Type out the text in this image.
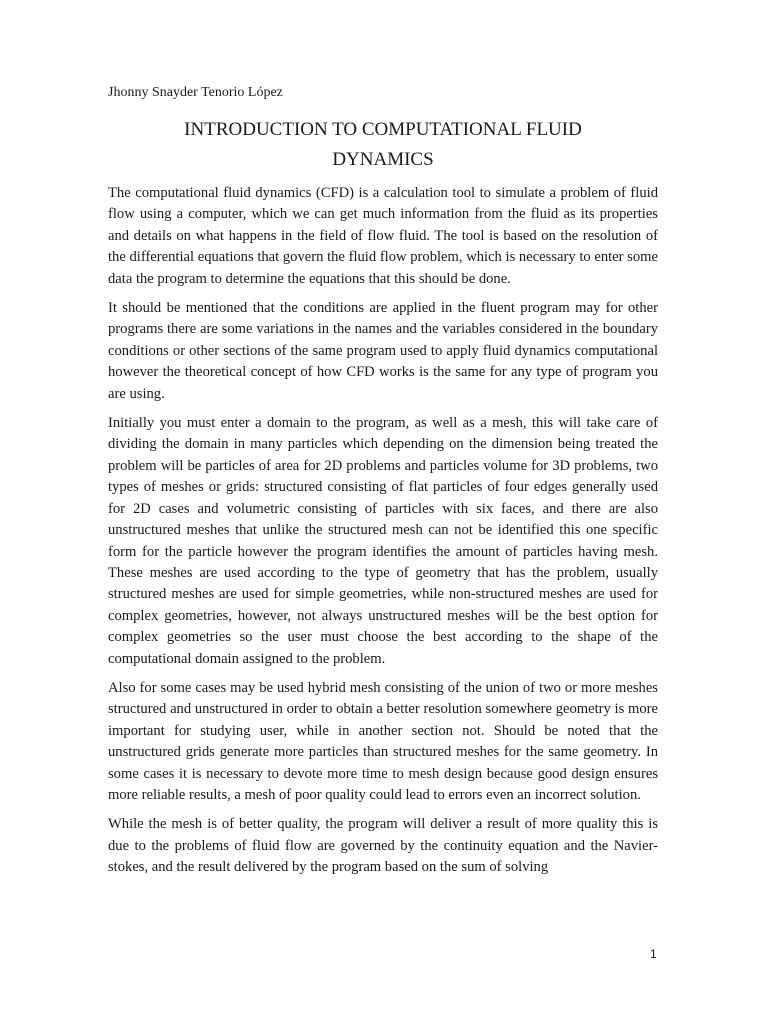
Jhonny Snayder Tenorio López

INTRODUCTION TO COMPUTATIONAL FLUID
DYNAMICS

The computational fluid dynamics (CFD) is a calculation tool to simulate a problem of fluid flow using a computer, which we can get much information from the fluid as its properties and details on what happens in the field of flow fluid. The tool is based on the resolution of the differential equations that govern the fluid flow problem, which is necessary to enter some data the program to determine the equations that this should be done.

It should be mentioned that the conditions are applied in the fluent program may for other programs there are some variations in the names and the variables considered in the boundary conditions or other sections of the same program used to apply fluid dynamics computational however the theoretical concept of how CFD works is the same for any type of program you are using.

Initially you must enter a domain to the program, as well as a mesh, this will take care of dividing the domain in many particles which depending on the dimension being treated the problem will be particles of area for 2D problems and particles volume for 3D problems, two types of meshes or grids: structured consisting of flat particles of four edges generally used for 2D cases and volumetric consisting of particles with six faces, and there are also unstructured meshes that unlike the structured mesh can not be identified this one specific form for the particle however the program identifies the amount of particles having mesh. These meshes are used according to the type of geometry that has the problem, usually structured meshes are used for simple geometries, while non-structured meshes are used for complex geometries, however, not always unstructured meshes will be the best option for complex geometries so the user must choose the best according to the shape of the computational domain assigned to the problem.

Also for some cases may be used hybrid mesh consisting of the union of two or more meshes structured and unstructured in order to obtain a better resolution somewhere geometry is more important for studying user, while in another section not. Should be noted that the unstructured grids generate more particles than structured meshes for the same geometry. In some cases it is necessary to devote more time to mesh design because good design ensures more reliable results, a mesh of poor quality could lead to errors even an incorrect solution.

While the mesh is of better quality, the program will deliver a result of more quality this is due to the problems of fluid flow are governed by the continuity equation and the Navier-stokes, and the result delivered by the program based on the sum of solving

1
